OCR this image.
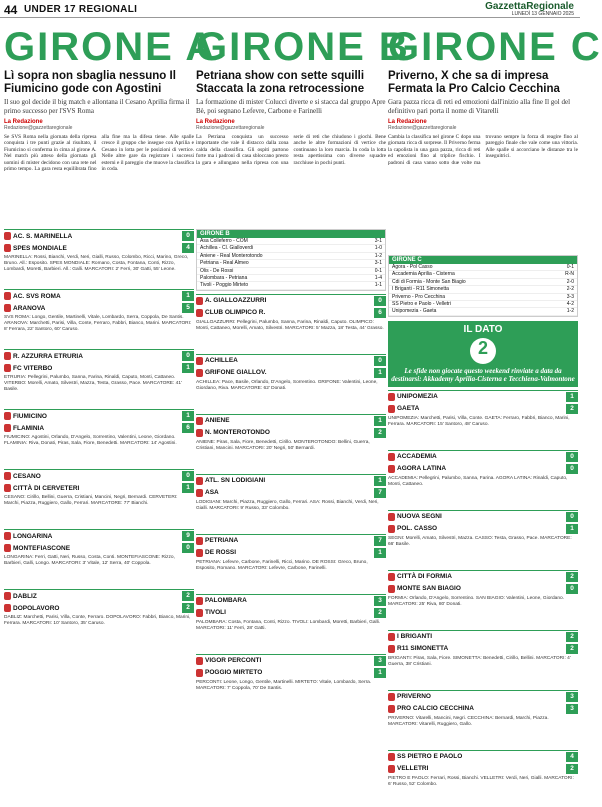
44 UNDER 17 REGIONALI	GazzettaRegionale
LUNEDÌ 13 GENNAIO 2025
GIRONE A
Lì sopra non sbaglia nessuno Il Fiumicino gode con Agostini
Il suo gol decide il big match e allontana il Cesano Aprilia firma il primo successo per l'SVS Roma
La Redazione
Redazione@gazzettaregionale
Se SVS Roma nella giornata della ripresa conquista i tre punti grazie al risultato, il Fiumicino si conferma in cima al girone A. Nel match più atteso della giornata gli uomini di mister decidono con una rete nel primo tempo. La gara resta equilibrata fino alla fine ma la difesa tiene. Alle spalle cresce il gruppo che insegue con Aprilia e Cesano in lotta per le posizioni di vertice. Nelle altre gare da registrare i successi esterni e il pareggio che muove la classifica in coda.
AC. S. MARINELLA	0
SPES MONDIALE	4
MARINELLA: Rossi, Bianchi, Verdi, Neri, Gialli, Russo, Colombo, Ricci, Marino, Greco, Bruno. All.: Esposito. SPES MONDIALE: Romano, Costa, Fontana, Conti, Rizzo, Lombardi, Moretti, Barbieri. All.: Galli. MARCATORI: 2' Ferri, 30' Gatti, 55' Leone.
AC. SVS ROMA	1
ARANOVA	5
SVS ROMA: Longo, Gentile, Martinelli, Vitale, Lombardo, Serra, Coppola, De Santis. ARANOVA: Marchetti, Parisi, Villa, Conte, Ferraro, Fabbri, Bianco, Marini. MARCATORI: 8' Ferrara, 22' Santoro, 60' Caruso.
R. AZZURRA ETRURIA	0
FC VITERBO	1
ETRURIA: Pellegrini, Palumbo, Sanna, Farina, Rinaldi, Caputo, Monti, Cattaneo. VITERBO: Morelli, Amato, Silvestri, Mazza, Testa, Grasso, Pace. MARCATORE: 41' Basile.
FIUMICINO	1
FLAMINIA	6
FIUMICINO: Agostini, Orlando, D'Angelo, Sorrentino, Valentini, Leone, Giordano. FLAMINIA: Riva, Donati, Piras, Sala, Fiore, Benedetti. MARCATORI: 14' Agostini.
CESANO	0
CITTÀ DI CERVETERI	1
CESANO: Cirillo, Bellini, Guerra, Cristiani, Mancini, Negri, Bernardi. CERVETERI: Marchi, Piazza, Ruggiero, Gallo, Ferrari. MARCATORE: 77' Bianchi.
LONGARINA	9
MONTEFIASCONE	0
LONGARINA: Ferri, Gatti, Neri, Russo, Costa, Conti. MONTEFIASCONE: Rizzo, Barbieri, Galli, Longo. MARCATORI: 3' Vitale, 12' Serra, 40' Coppola.
DABLIZ	2
DOPOLAVORO	2
DABLIZ: Marchetti, Parisi, Villa, Conte, Ferraro. DOPOLAVORO: Fabbri, Bianco, Marini, Ferrara. MARCATORI: 10' Santoro, 35' Caruso.
GIRONE B
Petriana show con sette squilli Staccata la zona retrocessione
La formazione di mister Colucci diverte e si stacca dal gruppo Apre Bè, poi segnano Lefevre, Carbone e Farinelli
La Redazione
Redazione@gazzettaregionale
La Petriana conquista un successo importante che vale il distacco dalla zona calda della classifica. Gli ospiti partono forte ma i padroni di casa sbloccano presto la gara e allungano nella ripresa con una serie di reti che chiudono i giochi. Bene anche le altre formazioni di vertice che continuano la loro marcia. In coda la lotta resta apertissima con diverse squadre racchiuse in pochi punti.
GIRONE B
Asa Colleferro - COM	3-1
Achillea - Cl. Gialloverdi	1-0
Aniene - Real Monterotondo	1-2
Petriana - Real Almeo	3-1
Olis - De Rossi	0-1
Palombara - Petriana	1-4
Tivoli - Poggio Mirteto	1-1
A. GIALLOAZZURRI	0
CLUB OLIMPICO R.	6
GIALLOAZZURRI: Pellegrini, Palumbo, Sanna, Farina, Rinaldi, Caputo. OLIMPICO: Monti, Cattaneo, Morelli, Amato, Silvestri. MARCATORI: 5' Mazza, 18' Testa, 44' Grasso.
ACHILLEA	0
GRIFONE GIALLOV.	1
ACHILLEA: Pace, Basile, Orlando, D'Angelo, Sorrentino. GRIFONE: Valentini, Leone, Giordano, Riva. MARCATORE: 62' Donati.
ANIENE	1
N. MONTEROTONDO	2
ANIENE: Piras, Sala, Fiore, Benedetti, Cirillo. MONTEROTONDO: Bellini, Guerra, Cristiani, Mancini. MARCATORI: 20' Negri, 50' Bernardi.
ATL. SN LODIGIANI	1
ASA	7
LODIGIANI: Marchi, Piazza, Ruggiero, Gallo, Ferrari. ASA: Rossi, Bianchi, Verdi, Neri, Gialli. MARCATORI: 9' Russo, 33' Colombo.
PETRIANA	7
DE ROSSI	1
PETRIANA: Lefevre, Carbone, Farinelli, Ricci, Marino. DE ROSSI: Greco, Bruno, Esposito, Romano. MARCATORI: Lefevre, Carbone, Farinelli.
PALOMBARA	3
TIVOLI	2
PALOMBARA: Costa, Fontana, Conti, Rizzo. TIVOLI: Lombardi, Moretti, Barbieri, Galli. MARCATORI: 11' Ferri, 28' Gatti.
VIGOR PERCONTI	3
POGGIO MIRTETO	1
PERCONTI: Leone, Longo, Gentile, Martinelli. MIRTETO: Vitale, Lombardo, Serra. MARCATORI: 7' Coppola, 70' De Santis.
GIRONE C
Priverno, X che sa di impresa Fermata la Pro Calcio Cecchina
Gara pazza ricca di reti ed emozioni dall'inizio alla fine Il gol del definitivo pari porta il nome di Vitarelli
La Redazione
Redazione@gazzettaregionale
Cambia la classifica nel girone C dopo una giornata ricca di sorprese. Il Priverno ferma la capolista in una gara pazza, ricca di reti ed emozioni fino al triplice fischio. I padroni di casa vanno sotto due volte ma trovano sempre la forza di reagire fino al pareggio finale che vale come una vittoria. Alle spalle si accorciano le distanze tra le inseguitrici.
GIRONE C
Agora - Pol Casso	0-1
Accademia Aprilia - Cisterna	R-N
Cdi di Formia - Monte San Biagio	2-0
I Briganti - R11 Simonetta	2-2
Priverno - Pro Cecchina	3-3
SS Pietro e Paolo - Velletri	4-2
Unipomezia - Gaeta	1-2
IL DATO
2
Le sfide non giocate questo weekend rinviate a data da destinarsi: Akkademy Aprilia-Cisterna e Tecchiena-Valmontone
UNIPOMEZIA	1
GAETA	2
UNIPOMEZIA: Marchetti, Parisi, Villa, Conte. GAETA: Ferraro, Fabbri, Bianco, Marini, Ferrara. MARCATORI: 15' Santoro, 48' Caruso.
ACCADEMIA	0
AGORA LATINA	0
ACCADEMIA: Pellegrini, Palumbo, Sanna, Farina. AGORA LATINA: Rinaldi, Caputo, Monti, Cattaneo.
NUOVA SEGNI	0
POL. CASSO	1
SEGNI: Morelli, Amato, Silvestri, Mazza. CASSO: Testa, Grasso, Pace. MARCATORE: 66' Basile.
CITTÀ DI FORMIA	2
MONTE SAN BIAGIO	0
FORMIA: Orlando, D'Angelo, Sorrentino. SAN BIAGIO: Valentini, Leone, Giordano. MARCATORI: 25' Riva, 80' Donati.
I BRIGANTI	2
R11 SIMONETTA	2
BRIGANTI: Piras, Sala, Fiore. SIMONETTA: Benedetti, Cirillo, Bellini. MARCATORI: 4' Guerra, 38' Cristiani.
PRIVERNO	3
PRO CALCIO CECCHINA	3
PRIVERNO: Vitarelli, Mancini, Negri. CECCHINA: Bernardi, Marchi, Piazza. MARCATORI: Vitarelli, Ruggiero, Gallo.
SS PIETRO E PAOLO	4
VELLETRI	2
PIETRO E PAOLO: Ferrari, Rossi, Bianchi. VELLETRI: Verdi, Neri, Gialli. MARCATORI: 6' Russo, 52' Colombo.
